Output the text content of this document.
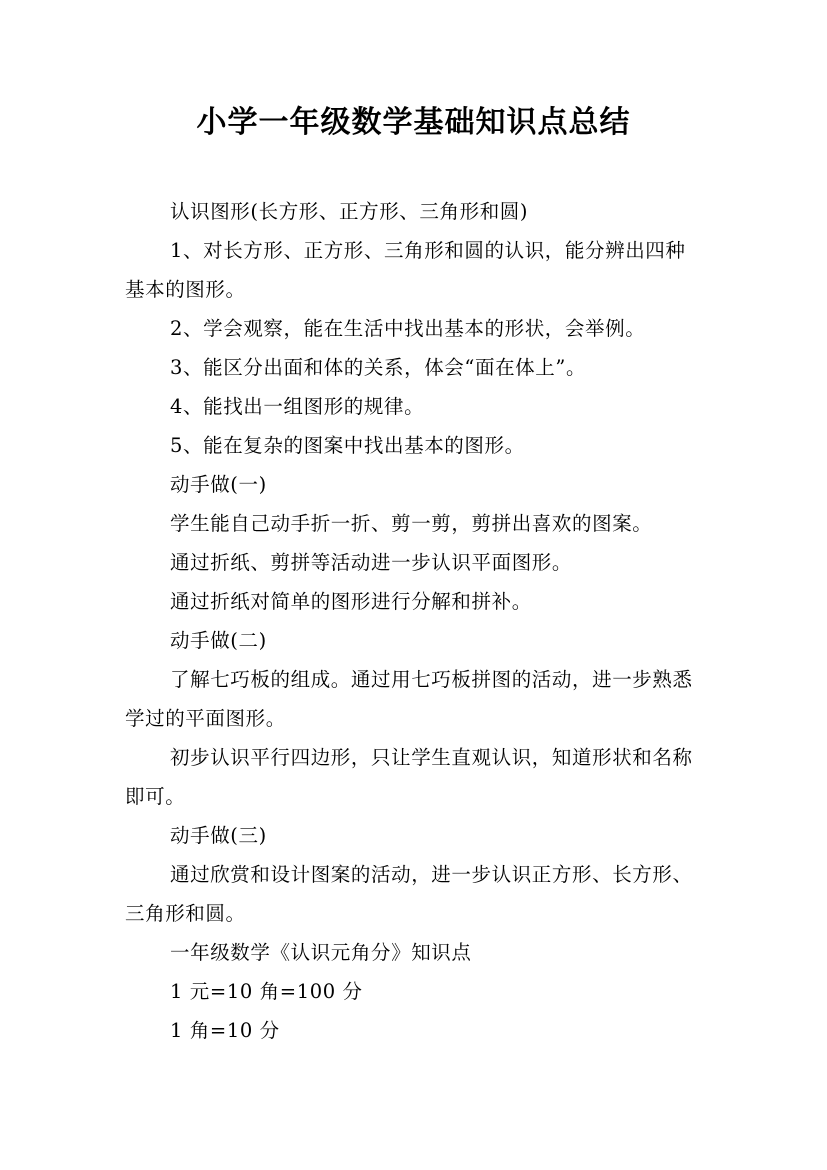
小学一年级数学基础知识点总结

认识图形(长方形、正方形、三角形和圆)

1、对长方形、正方形、三角形和圆的认识，能分辨出四种基本的图形。

2、学会观察，能在生活中找出基本的形状，会举例。

3、能区分出面和体的关系，体会“面在体上”。

4、能找出一组图形的规律。

5、能在复杂的图案中找出基本的图形。

动手做(一)

学生能自己动手折一折、剪一剪，剪拼出喜欢的图案。

通过折纸、剪拼等活动进一步认识平面图形。

通过折纸对简单的图形进行分解和拼补。

动手做(二)

了解七巧板的组成。通过用七巧板拼图的活动，进一步熟悉学过的平面图形。

初步认识平行四边形，只让学生直观认识，知道形状和名称即可。

动手做(三)

通过欣赏和设计图案的活动，进一步认识正方形、长方形、三角形和圆。

一年级数学《认识元角分》知识点

1 元=10 角=100 分

1 角=10 分
